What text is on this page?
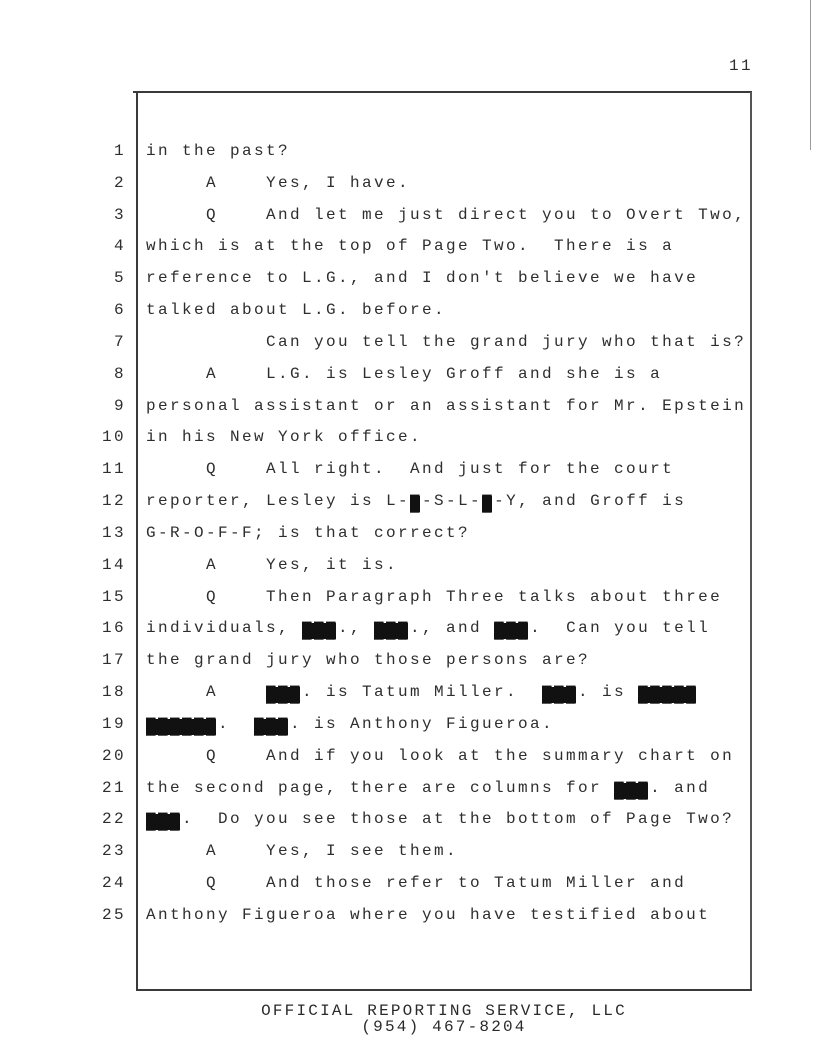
11
1 in the past?
2 A    Yes, I have.
3 Q    And let me just direct you to Overt Two,
4 which is at the top of Page Two.  There is a
5 reference to L.G., and I don't believe we have
6 talked about L.G. before.
7 Can you tell the grand jury who that is?
8 A    L.G. is Lesley Groff and she is a
9 personal assistant or an assistant for Mr. Epstein
10 in his New York office.
11 Q    All right.  And just for the court
12 reporter, Lesley is L-█-S-L-█-Y, and Groff is
13 G-R-O-F-F; is that correct?
14 A    Yes, it is.
15 Q    Then Paragraph Three talks about three
16 individuals, ███., ███., and ███.  Can you tell
17 the grand jury who those persons are?
18 A    ███. is Tatum Miller.  ███. is █████
19 ██████.  ███. is Anthony Figueroa.
20 Q    And if you look at the summary chart on
21 the second page, there are columns for ███. and
22 ███.  Do you see those at the bottom of Page Two?
23 A    Yes, I see them.
24 Q    And those refer to Tatum Miller and
25 Anthony Figueroa where you have testified about
OFFICIAL REPORTING SERVICE, LLC
(954) 467-8204
